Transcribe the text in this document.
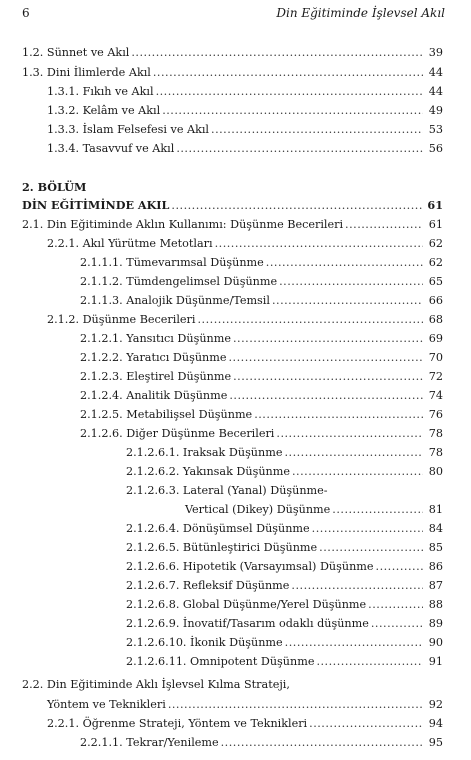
6	Din Eğitiminde İşlevsel Akıl
1.2. Sünnet ve Akıl .....	39
1.3. Dini İlimlerde Akıl .....	44
1.3.1. Fıkıh ve Akıl .....	44
1.3.2. Kelâm ve Akıl .....	49
1.3.3. İslam Felsefesi ve Akıl .....	53
1.3.4. Tasavvuf ve Akıl .....	56
2. BÖLÜM
DİN EĞİTİMİNDE AKIL .....	61
2.1. Din Eğitiminde Aklın Kullanımı: Düşünme Becerileri .....	61
2.2.1. Akıl Yürütme Metotları .....	62
2.1.1.1. Tümevarımsal Düşünme .....	62
2.1.1.2. Tümdengelimsel Düşünme .....	65
2.1.1.3. Analojik Düşünme/Temsil .....	66
2.1.2. Düşünme Becerileri .....	68
2.1.2.1. Yansıtıcı Düşünme .....	69
2.1.2.2. Yaratıcı Düşünme .....	70
2.1.2.3. Eleştirel Düşünme .....	72
2.1.2.4. Analitik Düşünme .....	74
2.1.2.5. Metabilişsel Düşünme .....	76
2.1.2.6. Diğer Düşünme Becerileri .....	78
2.1.2.6.1. Iraksak Düşünme .....	78
2.1.2.6.2. Yakınsak Düşünme .....	80
2.1.2.6.3. Lateral (Yanal) Düşünme-
Vertical (Dikey) Düşünme .....	81
2.1.2.6.4. Dönüşümsel Düşünme .....	84
2.1.2.6.5. Bütünleştirici Düşünme .....	85
2.1.2.6.6. Hipotetik (Varsayımsal) Düşünme .....	86
2.1.2.6.7. Refleksif Düşünme .....	87
2.1.2.6.8. Global Düşünme/Yerel Düşünme .....	88
2.1.2.6.9. İnovatif/Tasarım odaklı düşünme .....	89
2.1.2.6.10. İkonik Düşünme .....	90
2.1.2.6.11. Omnipotent Düşünme .....	91
2.2. Din Eğitiminde Aklı İşlevsel Kılma Strateji,
Yöntem ve Teknikleri .....	92
2.2.1. Öğrenme Strateji, Yöntem ve Teknikleri .....	94
2.2.1.1. Tekrar/Yenileme .....	95
